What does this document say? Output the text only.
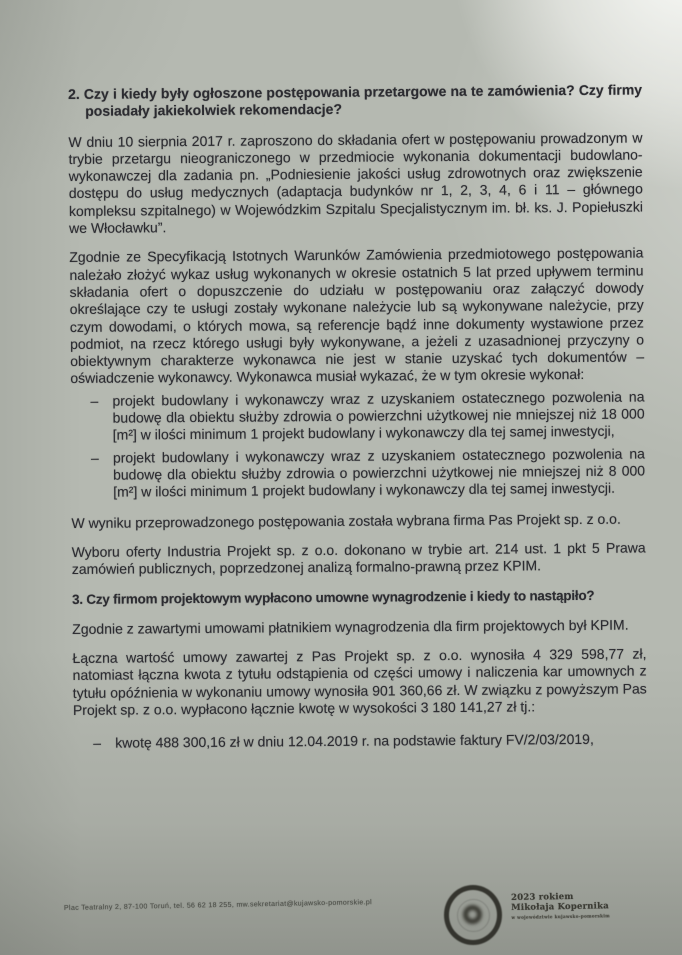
2. Czy i kiedy były ogłoszone postępowania przetargowe na te zamówienia? Czy firmy posiadały jakiekolwiek rekomendacje?

W dniu 10 sierpnia 2017 r. zaproszono do składania ofert w postępowaniu prowadzonym w trybie przetargu nieograniczonego w przedmiocie wykonania dokumentacji budowlano-wykonawczej dla zadania pn. „Podniesienie jakości usług zdrowotnych oraz zwiększenie dostępu do usług medycznych (adaptacja budynków nr 1, 2, 3, 4, 6 i 11 – głównego kompleksu szpitalnego) w Wojewódzkim Szpitalu Specjalistycznym im. bł. ks. J. Popiełuszki we Włocławku”.

Zgodnie ze Specyfikacją Istotnych Warunków Zamówienia przedmiotowego postępowania należało złożyć wykaz usług wykonanych w okresie ostatnich 5 lat przed upływem terminu składania ofert o dopuszczenie do udziału w postępowaniu oraz załączyć dowody określające czy te usługi zostały wykonane należycie lub są wykonywane należycie, przy czym dowodami, o których mowa, są referencje bądź inne dokumenty wystawione przez podmiot, na rzecz którego usługi były wykonywane, a jeżeli z uzasadnionej przyczyny o obiektywnym charakterze wykonawca nie jest w stanie uzyskać tych dokumentów – oświadczenie wykonawcy. Wykonawca musiał wykazać, że w tym okresie wykonał:

–	projekt budowlany i wykonawczy wraz z uzyskaniem ostatecznego pozwolenia na budowę dla obiektu służby zdrowia o powierzchni użytkowej nie mniejszej niż 18 000 [m²] w ilości minimum 1 projekt budowlany i wykonawczy dla tej samej inwestycji,
–	projekt budowlany i wykonawczy wraz z uzyskaniem ostatecznego pozwolenia na budowę dla obiektu służby zdrowia o powierzchni użytkowej nie mniejszej niż 8 000 [m²] w ilości minimum 1 projekt budowlany i wykonawczy dla tej samej inwestycji.

W wyniku przeprowadzonego postępowania została wybrana firma Pas Projekt sp. z o.o.

Wyboru oferty Industria Projekt sp. z o.o. dokonano w trybie art. 214 ust. 1 pkt 5 Prawa zamówień publicznych, poprzedzonej analizą formalno-prawną przez KPIM.

3. Czy firmom projektowym wypłacono umowne wynagrodzenie i kiedy to nastąpiło?

Zgodnie z zawartymi umowami płatnikiem wynagrodzenia dla firm projektowych był KPIM.

Łączna wartość umowy zawartej z Pas Projekt sp. z o.o. wynosiła 4 329 598,77 zł, natomiast łączna kwota z tytułu odstąpienia od części umowy i naliczenia kar umownych z tytułu opóźnienia w wykonaniu umowy wynosiła 901 360,66 zł. W związku z powyższym Pas Projekt sp. z o.o. wypłacono łącznie kwotę w wysokości 3 180 141,27 zł tj.:

–	kwotę 488 300,16 zł w dniu 12.04.2019 r. na podstawie faktury FV/2/03/2019,
Plac Teatralny 2, 87-100 Toruń, tel. 56 62 18 255, mw.sekretariat@kujawsko-pomorskie.pl
2023 rokiem
Mikołaja Kopernika
w województwie kujawsko-pomorskim
